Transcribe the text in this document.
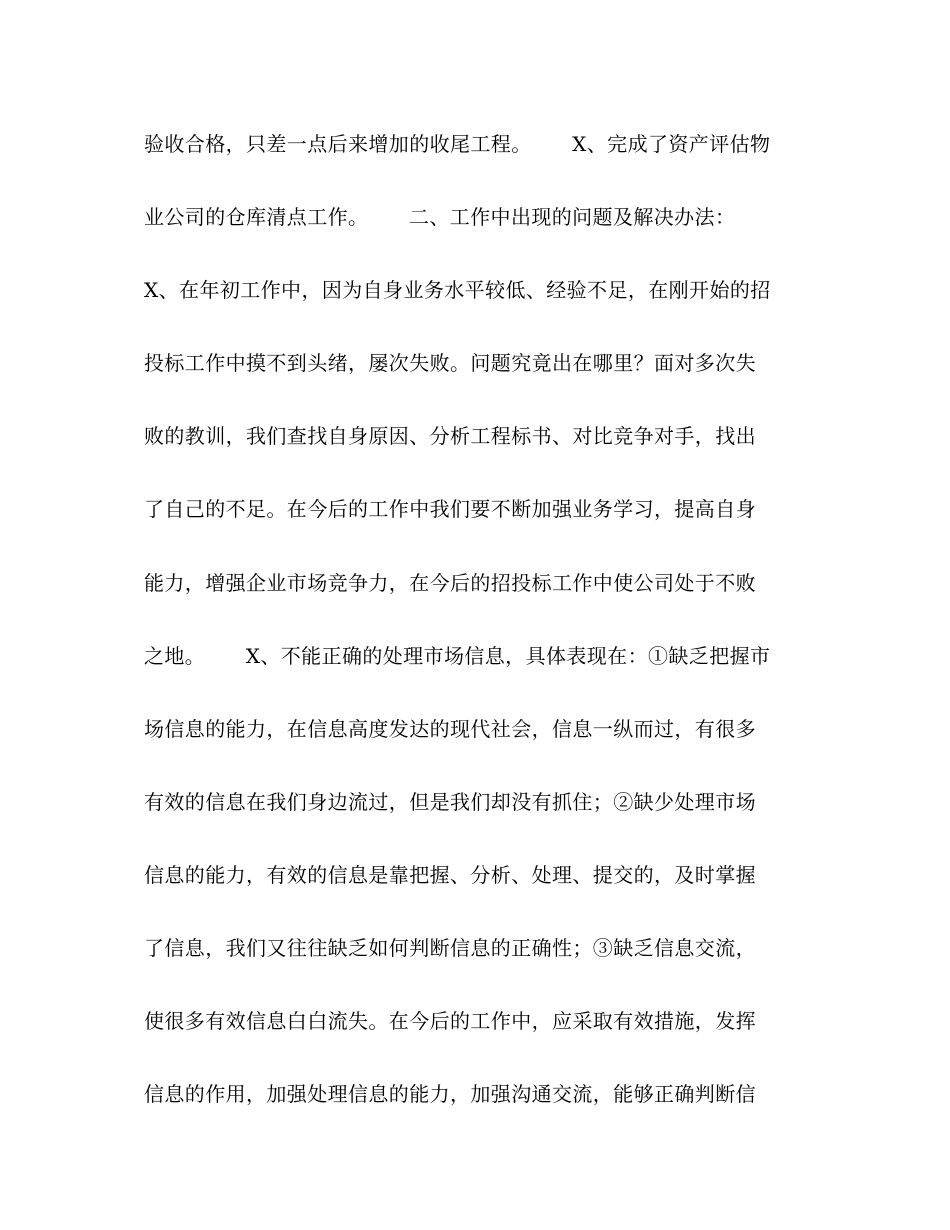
验收合格，只差一点后来增加的收尾工程。      X、完成了资产评估物
业公司的仓库清点工作。      二、工作中出现的问题及解决办法：
X、在年初工作中，因为自身业务水平较低、经验不足，在刚开始的招
投标工作中摸不到头绪，屡次失败。问题究竟出在哪里？面对多次失
败的教训，我们查找自身原因、分析工程标书、对比竞争对手，找出
了自己的不足。在今后的工作中我们要不断加强业务学习，提高自身
能力，增强企业市场竞争力，在今后的招投标工作中使公司处于不败
之地。      X、不能正确的处理市场信息，具体表现在：①缺乏把握市
场信息的能力，在信息高度发达的现代社会，信息一纵而过，有很多
有效的信息在我们身边流过，但是我们却没有抓住；②缺少处理市场
信息的能力，有效的信息是靠把握、分析、处理、提交的，及时掌握
了信息，我们又往往缺乏如何判断信息的正确性；③缺乏信息交流，
使很多有效信息白白流失。在今后的工作中，应采取有效措施，发挥
信息的作用，加强处理信息的能力，加强沟通交流，能够正确判断信
